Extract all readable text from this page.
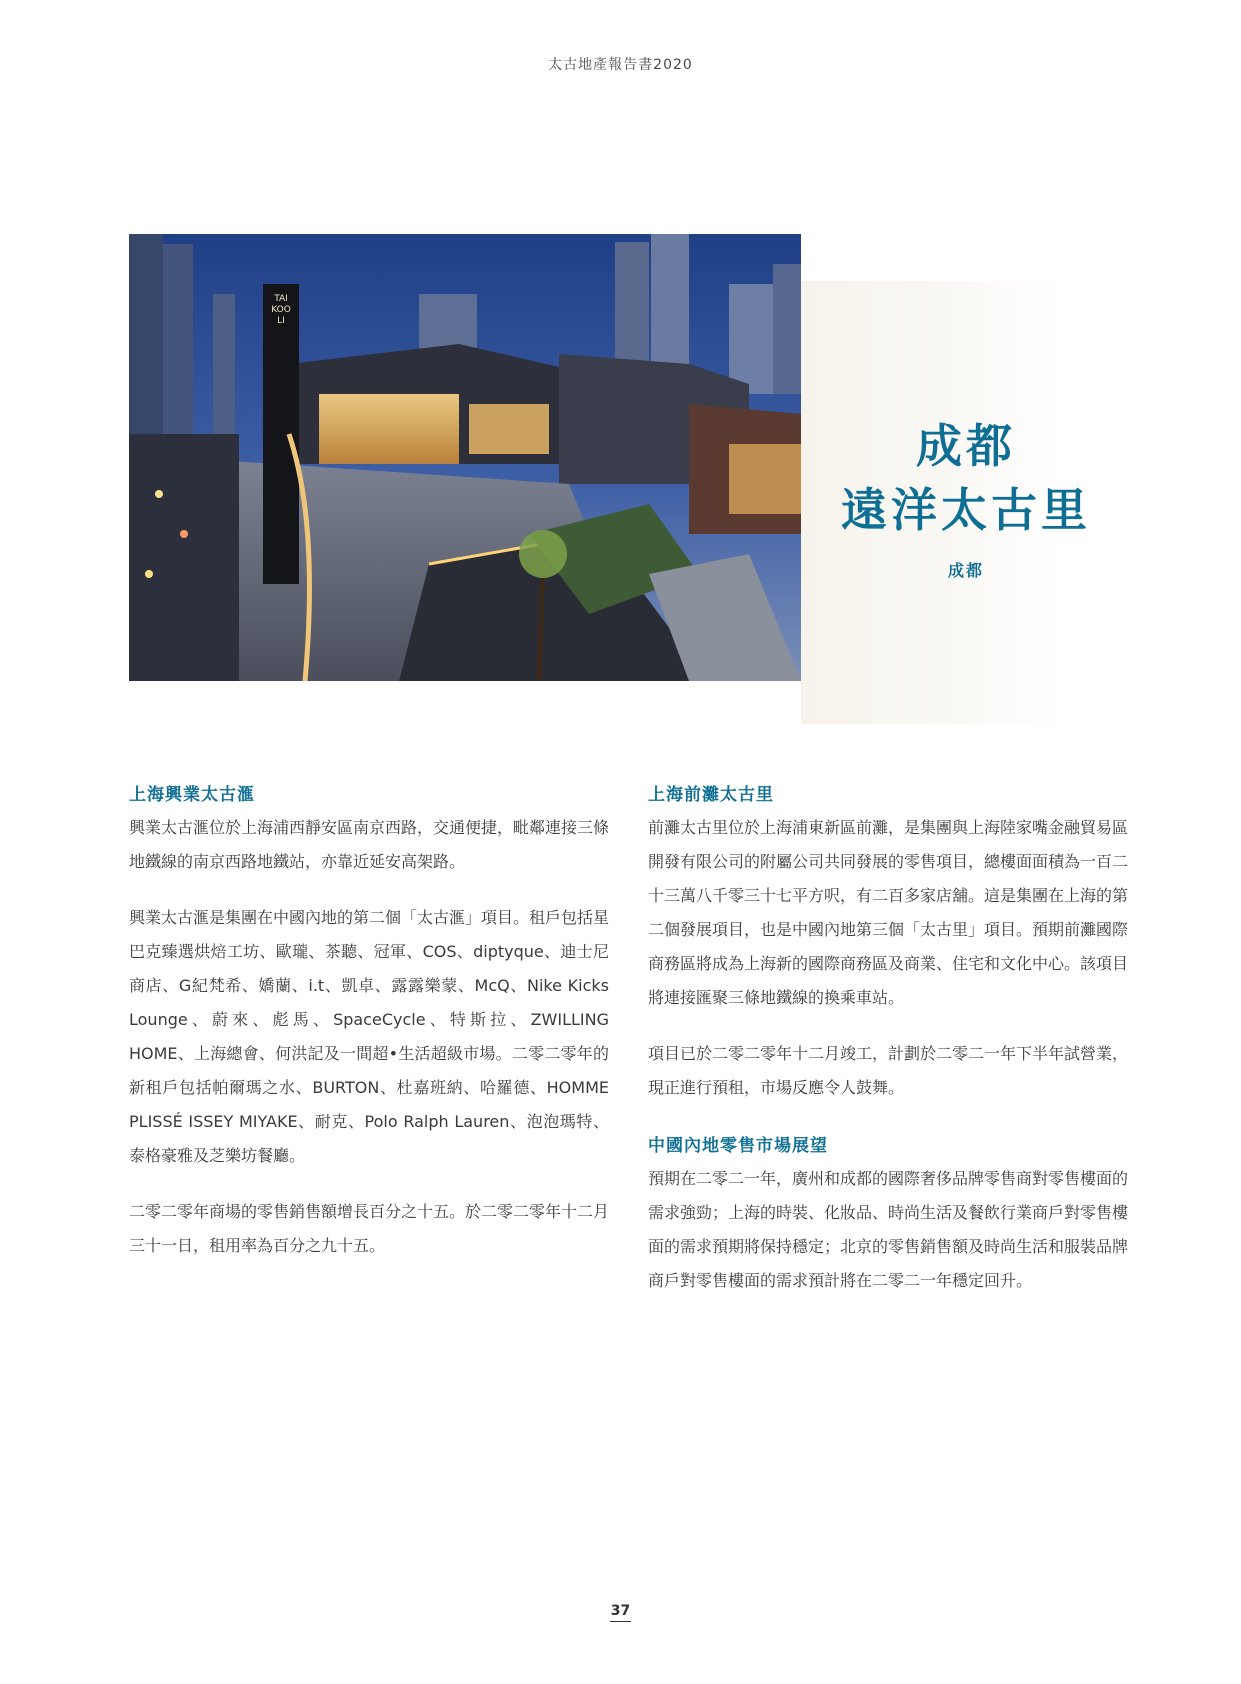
太古地產報告書2020
TAI KOO LI
成都
遠洋太古里
成都
上海興業太古滙

興業太古滙位於上海浦西靜安區南京西路，交通便捷，毗鄰連接三條地鐵線的南京西路地鐵站，亦靠近延安高架路。

興業太古滙是集團在中國內地的第二個「太古滙」項目。租戶包括星巴克臻選烘焙工坊、歐瓏、茶聽、冠軍、COS、diptyque、迪士尼商店、G紀梵希、嬌蘭、i.t、凱卓、露露樂蒙、McQ、Nike Kicks Lounge、蔚來、彪馬、SpaceCycle、特斯拉、ZWILLING HOME、上海總會、何洪記及一間超•生活超級市場。二零二零年的新租戶包括帕爾瑪之水、BURTON、杜嘉班納、哈羅德、HOMME PLISSÉ ISSEY MIYAKE、耐克、Polo Ralph Lauren、泡泡瑪特、泰格豪雅及芝樂坊餐廳。

二零二零年商場的零售銷售額增長百分之十五。於二零二零年十二月三十一日，租用率為百分之九十五。

上海前灘太古里

前灘太古里位於上海浦東新區前灘，是集團與上海陸家嘴金融貿易區開發有限公司的附屬公司共同發展的零售項目，總樓面面積為一百二十三萬八千零三十七平方呎，有二百多家店舖。這是集團在上海的第二個發展項目，也是中國內地第三個「太古里」項目。預期前灘國際商務區將成為上海新的國際商務區及商業、住宅和文化中心。該項目將連接匯聚三條地鐵線的換乘車站。

項目已於二零二零年十二月竣工，計劃於二零二一年下半年試營業，現正進行預租，市場反應令人鼓舞。

中國內地零售市場展望

預期在二零二一年，廣州和成都的國際奢侈品牌零售商對零售樓面的需求強勁；上海的時裝、化妝品、時尚生活及餐飲行業商戶對零售樓面的需求預期將保持穩定；北京的零售銷售額及時尚生活和服裝品牌商戶對零售樓面的需求預計將在二零二一年穩定回升。

37
